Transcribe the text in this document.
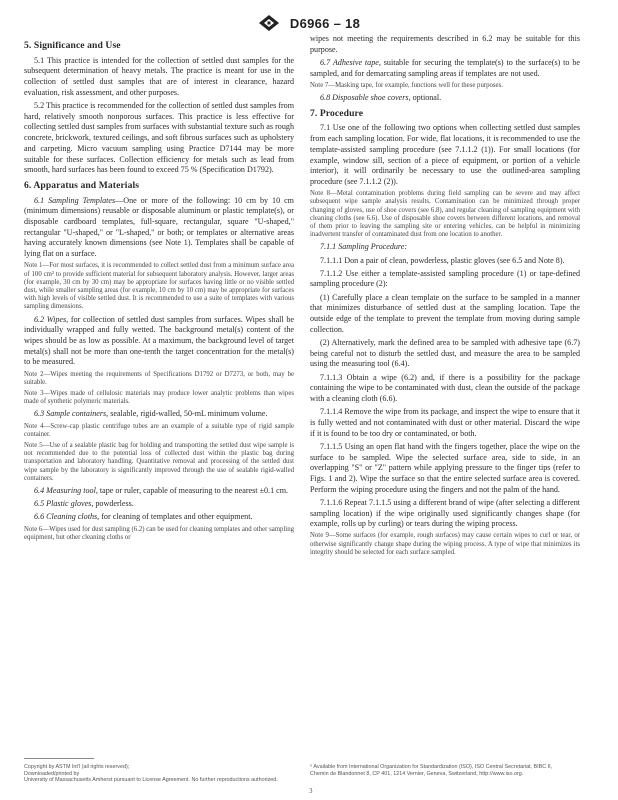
D6966 – 18
5. Significance and Use

5.1 This practice is intended for the collection of settled dust samples for the subsequent determination of heavy metals. The practice is meant for use in the collection of settled dust samples that are of interest in clearance, hazard evaluation, risk assessment, and other purposes.

5.2 This practice is recommended for the collection of settled dust samples from hard, relatively smooth nonporous surfaces. This practice is less effective for collecting settled dust samples from surfaces with substantial texture such as rough concrete, brickwork, textured ceilings, and soft fibrous surfaces such as upholstery and carpeting. Micro vacuum sampling using Practice D7144 may be more suitable for these surfaces. Collection efficiency for metals such as lead from smooth, hard surfaces has been found to exceed 75 % (Specification D1792).

6. Apparatus and Materials

6.1 Sampling Templates—One or more of the following: 10 cm by 10 cm (minimum dimensions) reusable or disposable aluminum or plastic template(s), or disposable cardboard templates, full-square, rectangular, square "U-shaped," rectangular "U-shaped," or "L-shaped," or both; or templates or alternative areas having accurately known dimensions (see Note 1). Templates shall be capable of lying flat on a surface.

Note 1—For most surfaces, it is recommended to collect settled dust from a minimum surface area of 100 cm² to provide sufficient material for subsequent laboratory analysis. However, larger areas (for example, 30 cm by 30 cm) may be appropriate for surfaces having little or no visible settled dust, while smaller sampling areas (for example, 10 cm by 10 cm) may be appropriate for surfaces with high levels of visible settled dust. It is recommended to use a suite of templates with various sampling dimensions.

6.2 Wipes, for collection of settled dust samples from surfaces. Wipes shall be individually wrapped and fully wetted. The background metal(s) content of the wipes should be as low as possible. At a maximum, the background level of target metal(s) shall not be more than one-tenth the target concentration for the metal(s) to be measured.

Note 2—Wipes meeting the requirements of Specifications D1792 or D7273, or both, may be suitable.
Note 3—Wipes made of cellulosic materials may produce lower analytic problems than wipes made of synthetic polymeric materials.

6.3 Sample containers, sealable, rigid-walled, 50-mL minimum volume.

Note 4—Screw-cap plastic centrifuge tubes are an example of a suitable type of rigid sample container.
Note 5—Use of a sealable plastic bag for holding and transporting the settled dust wipe sample is not recommended due to the potential loss of collected dust within the plastic bag during transportation and laboratory handling. Quantitative removal and processing of the settled dust wipe sample by the laboratory is significantly improved through the use of sealable rigid-walled containers.

6.4 Measuring tool, tape or ruler, capable of measuring to the nearest ±0.1 cm.

6.5 Plastic gloves, powderless.

6.6 Cleaning cloths, for cleaning of templates and other equipment.

Note 6—Wipes used for dust sampling (6.2) can be used for cleaning templates and other sampling equipment, but other cleaning cloths or

wipes not meeting the requirements described in 6.2 may be suitable for this purpose.

6.7 Adhesive tape, suitable for securing the template(s) to the surface(s) to be sampled, and for demarcating sampling areas if templates are not used.

Note 7—Masking tape, for example, functions well for these purposes.

6.8 Disposable shoe covers, optional.

7. Procedure

7.1 Use one of the following two options when collecting settled dust samples from each sampling location. For wide, flat locations, it is recommended to use the template-assisted sampling procedure (see 7.1.1.2 (1)). For small locations (for example, window sill, section of a piece of equipment, or portion of a vehicle interior), it will ordinarily be necessary to use the outlined-area sampling procedure (see 7.1.1.2 (2)).

Note 8—Metal contamination problems during field sampling can be severe and may affect subsequent wipe sample analysis results. Contamination can be minimized through proper changing of gloves, use of shoe covers (see 6.8), and regular cleaning of sampling equipment with cleaning cloths (see 6.6). Use of disposable shoe covers between different locations, and removal of them prior to leaving the sampling site or entering vehicles, can be helpful in minimizing inadvertent transfer of contaminated dust from one location to another.

7.1.1 Sampling Procedure:

7.1.1.1 Don a pair of clean, powderless, plastic gloves (see 6.5 and Note 8).

7.1.1.2 Use either a template-assisted sampling procedure (1) or tape-defined sampling procedure (2):

(1) Carefully place a clean template on the surface to be sampled in a manner that minimizes disturbance of settled dust at the sampling location. Tape the outside edge of the template to prevent the template from moving during sample collection.

(2) Alternatively, mark the defined area to be sampled with adhesive tape (6.7) being careful not to disturb the settled dust, and measure the area to be sampled using the measuring tool (6.4).

7.1.1.3 Obtain a wipe (6.2) and, if there is a possibility for the package containing the wipe to be contaminated with dust, clean the outside of the package with a cleaning cloth (6.6).

7.1.1.4 Remove the wipe from its package, and inspect the wipe to ensure that it is fully wetted and not contaminated with dust or other material. Discard the wipe if it is found to be too dry or contaminated, or both.

7.1.1.5 Using an open flat hand with the fingers together, place the wipe on the surface to be sampled. Wipe the selected surface area, side to side, in an overlapping "S" or "Z" pattern while applying pressure to the finger tips (refer to Figs. 1 and 2). Wipe the surface so that the entire selected surface area is covered. Perform the wiping procedure using the fingers and not the palm of the hand.

7.1.1.6 Repeat 7.1.1.5 using a different brand of wipe (after selecting a different sampling location) if the wipe originally used significantly changes shape (for example, rolls up by curling) or tears during the wiping process.

Note 9—Some surfaces (for example, rough surfaces) may cause certain wipes to curl or tear, or otherwise significantly change shape during the wiping process. A type of wipe that minimizes its integrity should be selected for each surface sampled.
Copyright by ASTM Int'l (all rights reserved);
Downloaded/printed by
University of Massachusetts Amherst pursuant to License Agreement. No further reproductions authorized.
⁵ Available from International Organization for Standardization (ISO), ISO Central Secretariat, BIBC II,
Chemin de Blandonnet 8, CP 401, 1214 Vernier, Geneva, Switzerland, http://www.iso.org.
3
